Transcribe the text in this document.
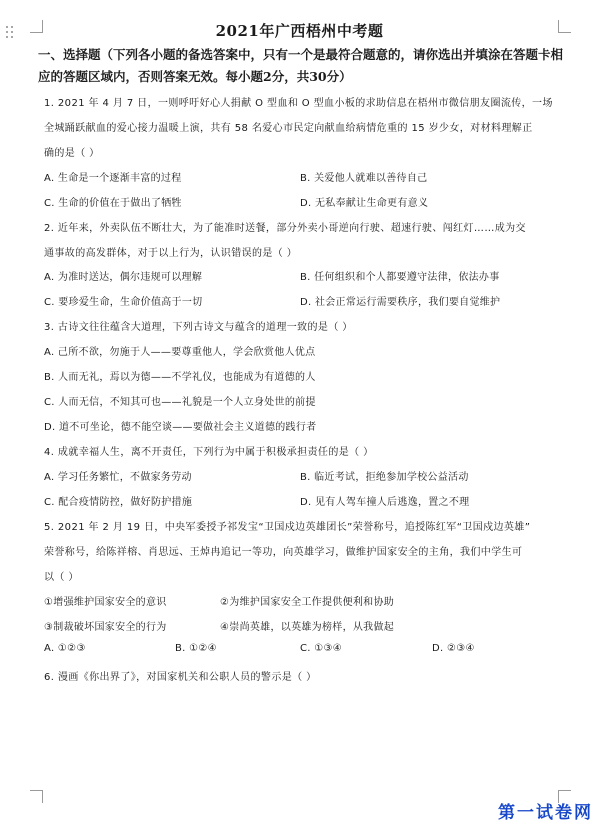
2021年广西梧州中考题
一、选择题（下列各小题的备选答案中，只有一个是最符合题意的，请你选出并填涂在答题卡相应的答题区域内，否则答案无效。每小题2分，共30分）
1. 2021 年 4 月 7 日，一则呼吁好心人捐献 O 型血和 O 型血小板的求助信息在梧州市微信朋友圈流传，一场
全城踊跃献血的爱心接力温暖上演，共有 58 名爱心市民定向献血给病情危重的 15 岁少女，对材料理解正
确的是（ ）
A. 生命是一个逐渐丰富的过程	B. 关爱他人就难以善待自己
C. 生命的价值在于做出了牺牲	D. 无私奉献让生命更有意义
2. 近年来，外卖队伍不断壮大，为了能准时送餐，部分外卖小哥逆向行驶、超速行驶、闯红灯……成为交
通事故的高发群体，对于以上行为，认识错误的是（ ）
A. 为准时送达，偶尔违规可以理解	B. 任何组织和个人都要遵守法律，依法办事
C. 要珍爱生命，生命价值高于一切	D. 社会正常运行需要秩序，我们要自觉维护
3. 古诗文往往蕴含大道理，下列古诗文与蕴含的道理一致的是（ ）
A. 己所不欲，勿施于人——要尊重他人，学会欣赏他人优点
B. 人而无礼，焉以为德——不学礼仪，也能成为有道德的人
C. 人而无信，不知其可也——礼貌是一个人立身处世的前提
D. 道不可坐论，德不能空谈——要做社会主义道德的践行者
4. 成就幸福人生，离不开责任，下列行为中属于积极承担责任的是（ ）
A. 学习任务繁忙，不做家务劳动	B. 临近考试，拒绝参加学校公益活动
C. 配合疫情防控，做好防护措施	D. 见有人驾车撞人后逃逸，置之不理
5. 2021 年 2 月 19 日，中央军委授予祁发宝“卫国戍边英雄团长”荣誉称号，追授陈红军“卫国戍边英雄”
荣誉称号，给陈祥榕、肖思远、王焯冉追记一等功，向英雄学习，做维护国家安全的主角，我们中学生可
以（ ）
①增强维护国家安全的意识	②为维护国家安全工作提供便利和协助
③制裁破坏国家安全的行为	④崇尚英雄，以英雄为榜样，从我做起
A. ①②③	B. ①②④	C. ①③④	D. ②③④
6. 漫画《你出界了》，对国家机关和公职人员的警示是（ ）
第一试卷网
